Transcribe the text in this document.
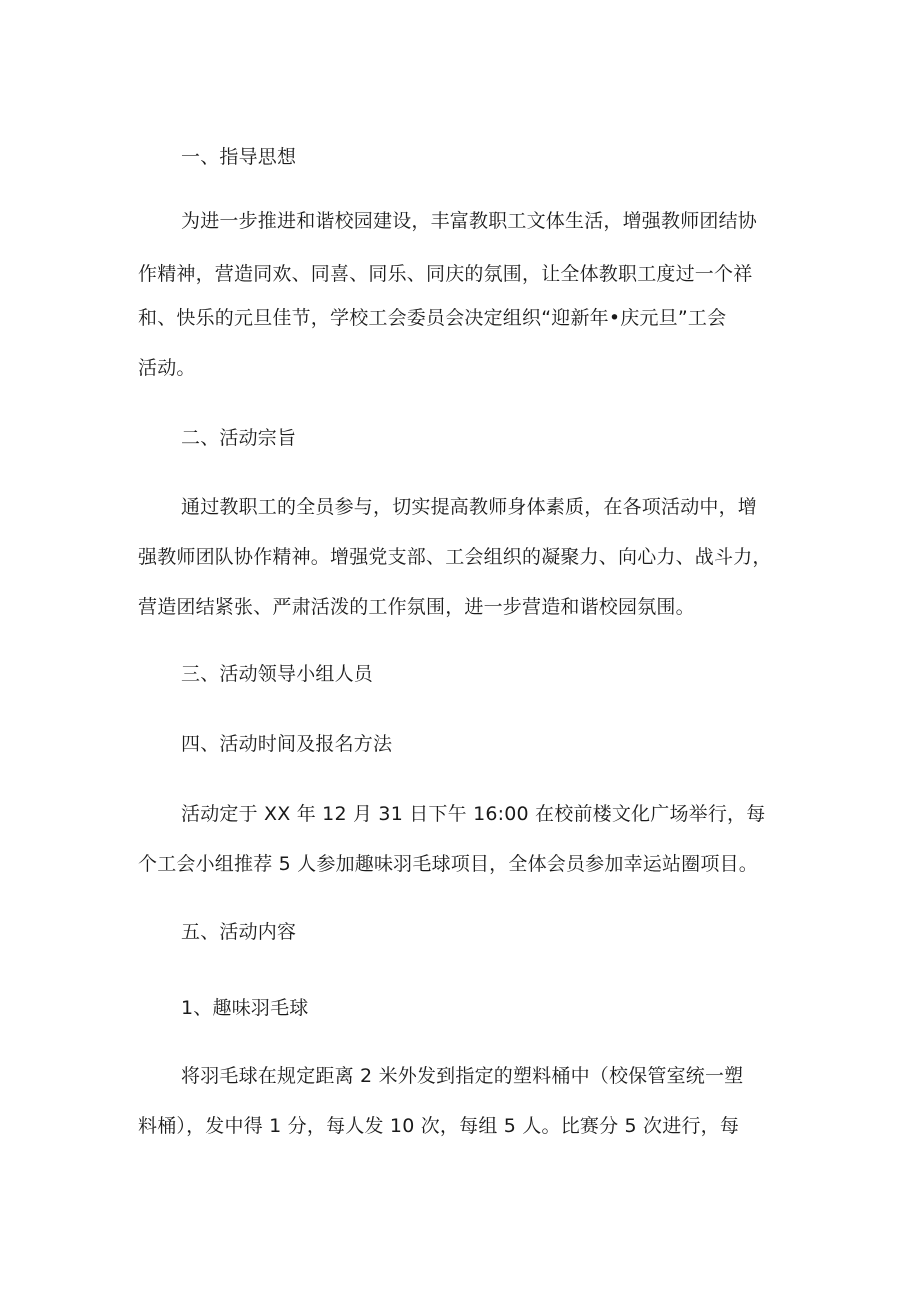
一、指导思想

为进一步推进和谐校园建设，丰富教职工文体生活，增强教师团结协

作精神，营造同欢、同喜、同乐、同庆的氛围，让全体教职工度过一个祥

和、快乐的元旦佳节，学校工会委员会决定组织“迎新年•庆元旦”工会

活动。

二、活动宗旨

通过教职工的全员参与，切实提高教师身体素质，在各项活动中，增

强教师团队协作精神。增强党支部、工会组织的凝聚力、向心力、战斗力，

营造团结紧张、严肃活泼的工作氛围，进一步营造和谐校园氛围。

三、活动领导小组人员

四、活动时间及报名方法

活动定于 XX 年 12 月 31 日下午 16:00 在校前楼文化广场举行，每

个工会小组推荐 5 人参加趣味羽毛球项目，全体会员参加幸运站圈项目。

五、活动内容

1、趣味羽毛球

将羽毛球在规定距离 2 米外发到指定的塑料桶中（校保管室统一塑

料桶），发中得 1 分，每人发 10 次，每组 5 人。比赛分 5 次进行，每
